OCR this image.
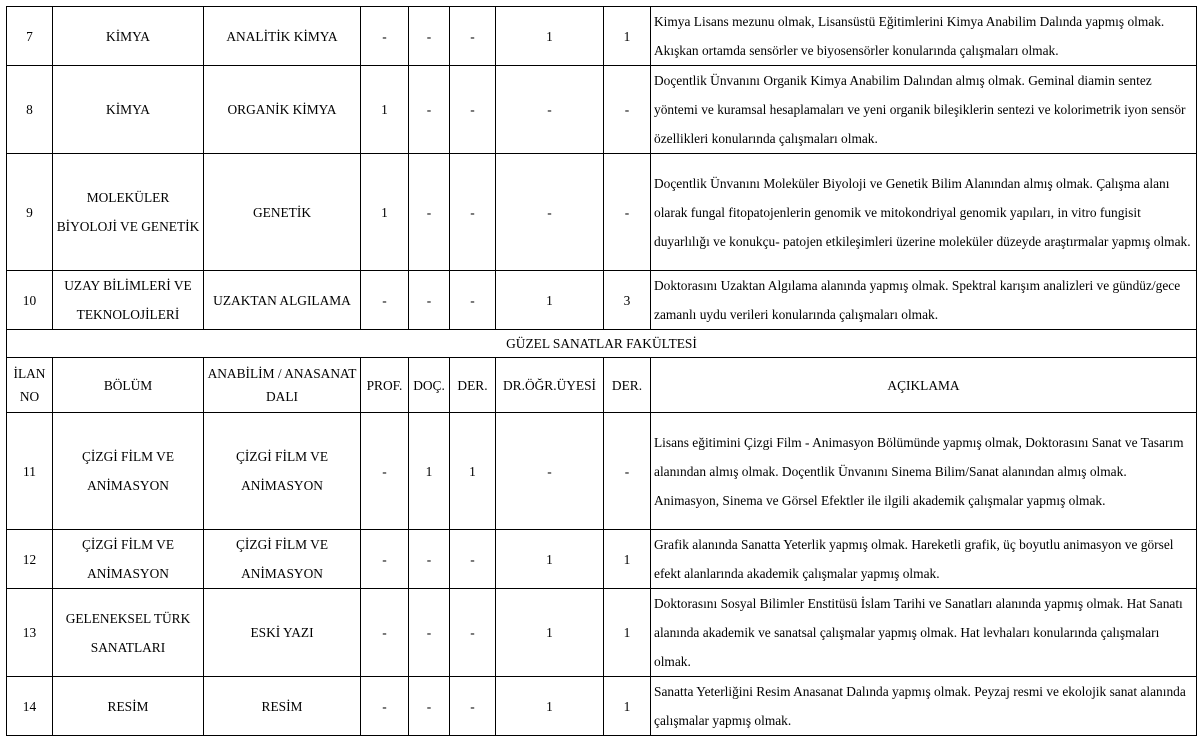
7	KİMYA	ANALİTİK KİMYA	-	-	-	1	1	Kimya Lisans mezunu olmak, Lisansüstü Eğitimlerini Kimya Anabilim Dalında yapmış olmak. Akışkan ortamda sensörler ve biyosensörler konularında çalışmaları olmak.
8	KİMYA	ORGANİK KİMYA	1	-	-	-	-	Doçentlik Ünvanını Organik Kimya Anabilim Dalından almış olmak. Geminal diamin sentez yöntemi ve kuramsal hesaplamaları ve yeni organik bileşiklerin sentezi ve kolorimetrik iyon sensör özellikleri konularında çalışmaları olmak.
9	MOLEKÜLER BİYOLOJİ VE GENETİK	GENETİK	1	-	-	-	-	Doçentlik Ünvanını Moleküler Biyoloji ve Genetik Bilim Alanından almış olmak. Çalışma alanı olarak fungal fitopatojenlerin genomik ve mitokondriyal genomik yapıları, in vitro fungisit duyarlılığı ve konukçu- patojen etkileşimleri üzerine moleküler düzeyde araştırmalar yapmış olmak.
10	UZAY BİLİMLERİ VE TEKNOLOJİLERİ	UZAKTAN ALGILAMA	-	-	-	1	3	Doktorasını Uzaktan Algılama alanında yapmış olmak. Spektral karışım analizleri ve gündüz/gece zamanlı uydu verileri konularında çalışmaları olmak.
GÜZEL SANATLAR FAKÜLTESİ								
İLAN NO	BÖLÜM	ANABİLİM / ANASANAT DALI	PROF.	DOÇ.	DER.	DR.ÖĞR.ÜYESİ	DER.	AÇIKLAMA
11	ÇİZGİ FİLM VE ANİMASYON	ÇİZGİ FİLM VE ANİMASYON	-	1	1	-	-	Lisans eğitimini Çizgi Film - Animasyon Bölümünde yapmış olmak, Doktorasını Sanat ve Tasarım alanından almış olmak. Doçentlik Ünvanını Sinema Bilim/Sanat alanından almış olmak. Animasyon, Sinema ve Görsel Efektler ile ilgili akademik çalışmalar yapmış olmak.
12	ÇİZGİ FİLM VE ANİMASYON	ÇİZGİ FİLM VE ANİMASYON	-	-	-	1	1	Grafik alanında Sanatta Yeterlik yapmış olmak. Hareketli grafik, üç boyutlu animasyon ve görsel efekt alanlarında akademik çalışmalar yapmış olmak.
13	GELENEKSEL TÜRK SANATLARI	ESKİ YAZI	-	-	-	1	1	Doktorasını Sosyal Bilimler Enstitüsü İslam Tarihi ve Sanatları alanında yapmış olmak. Hat Sanatı alanında akademik ve sanatsal çalışmalar yapmış olmak. Hat levhaları konularında çalışmaları olmak.
14	RESİM	RESİM	-	-	-	1	1	Sanatta Yeterliğini Resim Anasanat Dalında yapmış olmak. Peyzaj resmi ve ekolojik sanat alanında çalışmalar yapmış olmak.
